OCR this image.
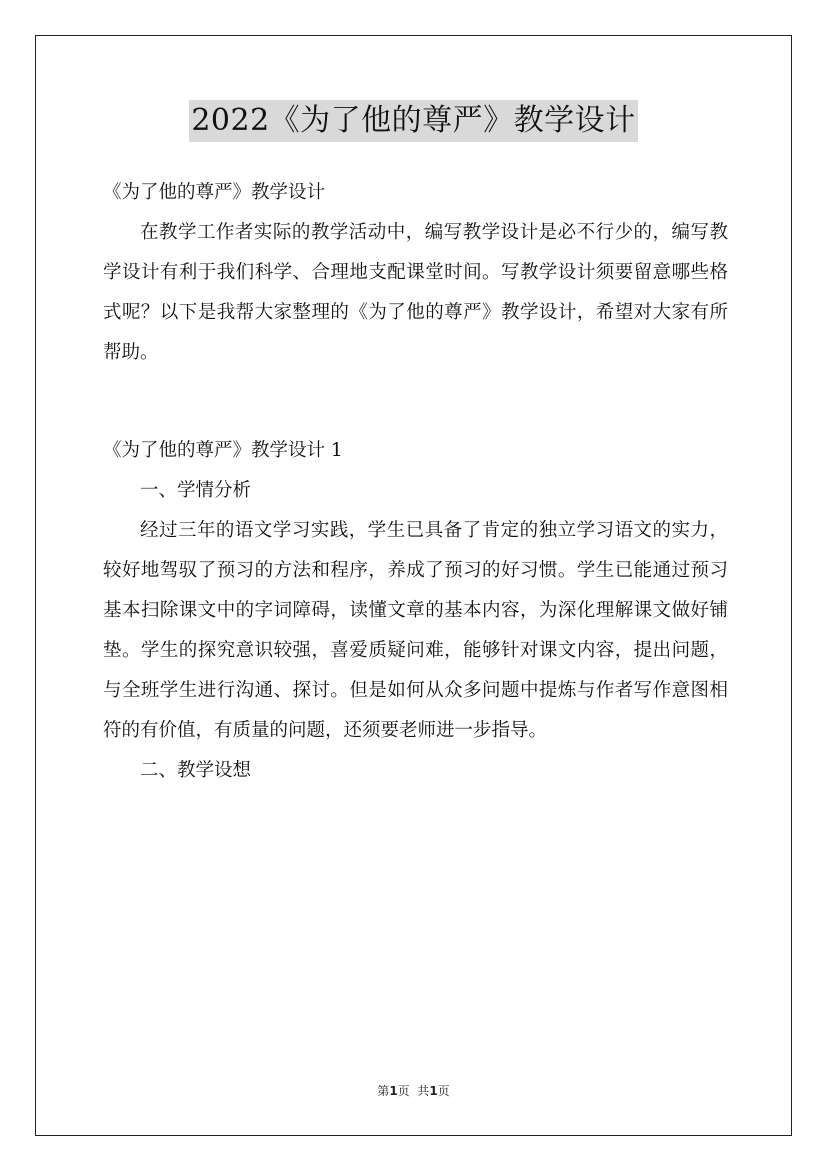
2022《为了他的尊严》教学设计

《为了他的尊严》教学设计

在教学工作者实际的教学活动中，编写教学设计是必不行少的，编写教学设计有利于我们科学、合理地支配课堂时间。写教学设计须要留意哪些格式呢？以下是我帮大家整理的《为了他的尊严》教学设计，希望对大家有所帮助。

《为了他的尊严》教学设计 1

一、学情分析

经过三年的语文学习实践，学生已具备了肯定的独立学习语文的实力，较好地驾驭了预习的方法和程序，养成了预习的好习惯。学生已能通过预习基本扫除课文中的字词障碍，读懂文章的基本内容，为深化理解课文做好铺垫。学生的探究意识较强，喜爱质疑问难，能够针对课文内容，提出问题，与全班学生进行沟通、探讨。但是如何从众多问题中提炼与作者写作意图相符的有价值，有质量的问题，还须要老师进一步指导。

二、教学设想

第1页  共1页
